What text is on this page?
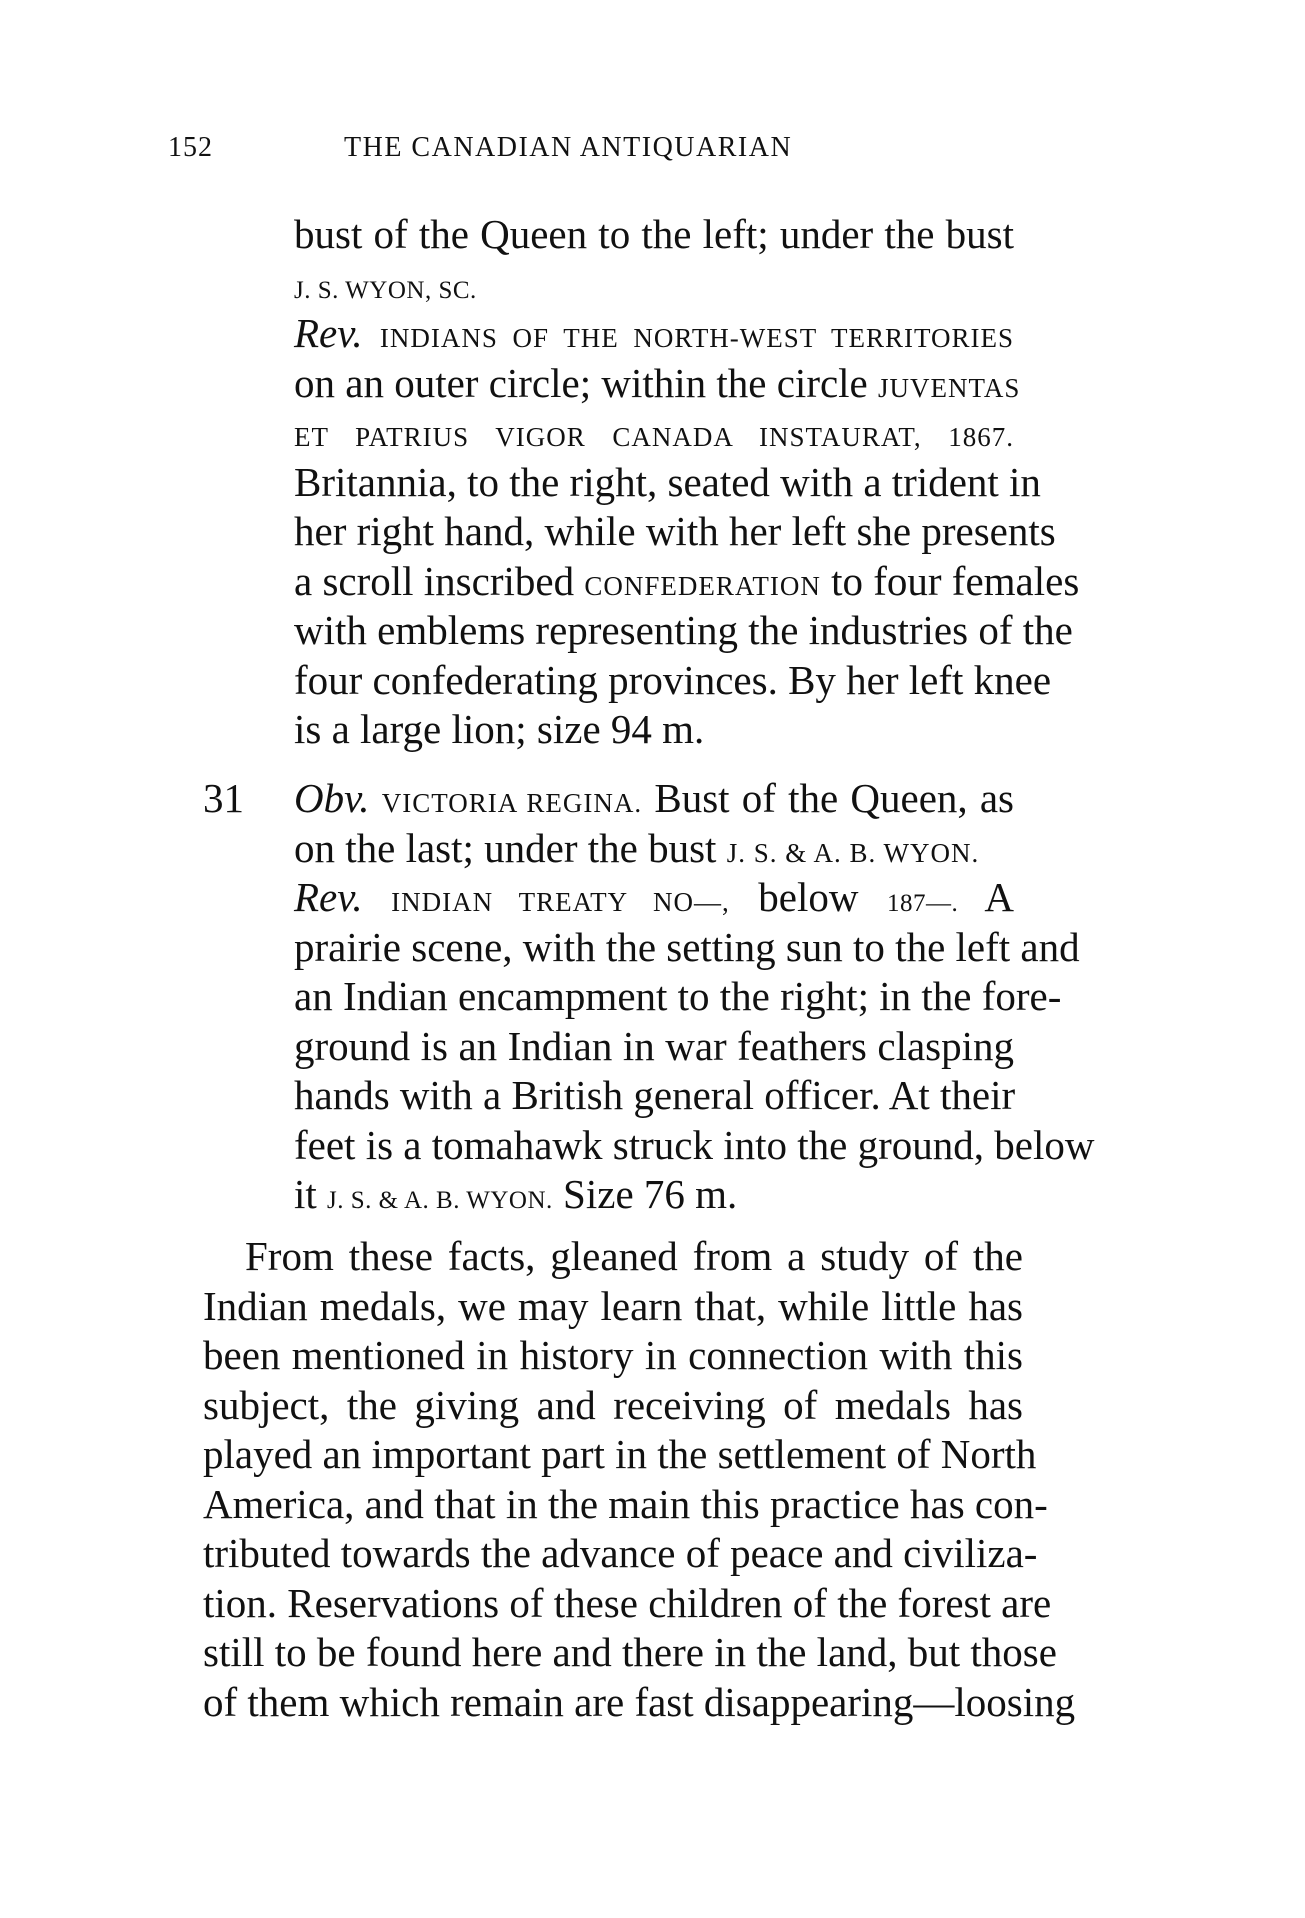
152	THE CANADIAN ANTIQUARIAN
bust of the Queen to the left; under the bust
J. S. WYON, SC.
Rev. INDIANS OF THE NORTH-WEST TERRITORIES
on an outer circle; within the circle JUVENTAS
ET PATRIUS VIGOR CANADA INSTAURAT, 1867.
Britannia, to the right, seated with a trident in
her right hand, while with her left she presents
a scroll inscribed CONFEDERATION to four females
with emblems representing the industries of the
four confederating provinces. By her left knee
is a large lion; size 94 m.
31 Obv. VICTORIA REGINA. Bust of the Queen, as
on the last; under the bust J. S. & A. B. WYON.
Rev. INDIAN TREATY NO—, below 187—. A
prairie scene, with the setting sun to the left and
an Indian encampment to the right; in the fore-
ground is an Indian in war feathers clasping
hands with a British general officer. At their
feet is a tomahawk struck into the ground, below
it J. S. & A. B. WYON. Size 76 m.
From these facts, gleaned from a study of the
Indian medals, we may learn that, while little has
been mentioned in history in connection with this
subject, the giving and receiving of medals has
played an important part in the settlement of North
America, and that in the main this practice has con-
tributed towards the advance of peace and civiliza-
tion. Reservations of these children of the forest are
still to be found here and there in the land, but those
of them which remain are fast disappearing—loosing
